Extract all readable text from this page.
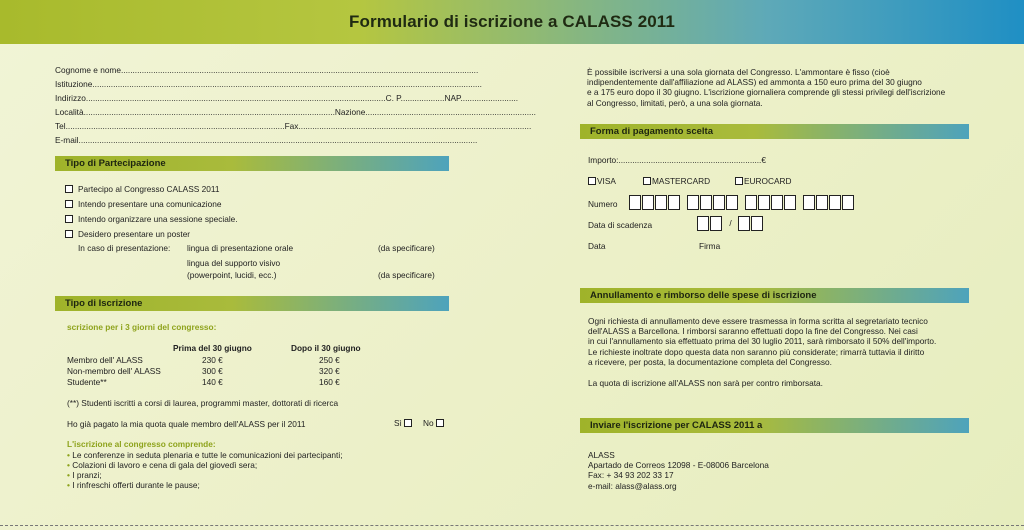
Formulario di iscrizione a CALASS 2011
Cognome e nome...........................................................................................................................................................
Istituzione.........................................................................................................................................................................
Indirizzo..................................................................................................................................C. P...................NAP.........................
Località.............................................................................................................Nazione..........................................................................
Tel...............................................................................................Fax.....................................................................................................
E-mail.............................................................................................................................................................................
Tipo di Partecipazione
Partecipo al Congresso CALASS 2011
Intendo presentare una comunicazione
Intendo organizzare una sessione speciale.
Desidero presentare un poster
In caso di presentazione: lingua di presentazione orale	(da specificare)
lingua del supporto visivo
(powerpoint, lucidi, ecc.)	(da specificare)
Tipo di Iscrizione
scrizione per i 3 giorni del congresso:
Prima del 30 giugno	Dopo il 30 giugno
Membro dell' ALASS	230 €	250 €
Non-membro dell' ALASS	300 €	320 €
Studente**	140 €	160 €
(**) Studenti iscritti a corsi di laurea, programmi master, dottorati di ricerca
Ho già pagato la mia quota quale membro dell'ALASS per il 2011	Sì	No
L'iscrizione al congresso comprende:
• Le conferenze in seduta plenaria e tutte le comunicazioni dei partecipanti;
• Colazioni di lavoro e cena di gala del giovedì sera;
• I pranzi;
• I rinfreschi offerti durante le pause;
È possibile iscriversi a una sola giornata del Congresso. L'ammontare è fisso (cioè
indipendentemente dall'affiliazione ad ALASS) ed ammonta a 150 euro prima del 30 giugno
e a 175 euro dopo il 30 giugno. L'iscrizione giornaliera comprende gli stessi privilegi dell'iscrizione
al Congresso, limitati, però, a una sola giornata.
Forma di pagamento scelta
Importo:..............................................................€
VISA	MASTERCARD	EUROCARD
Numero
Data di scadenza	/
Data	Firma
Annullamento e rimborso delle spese di iscrizione
Ogni richiesta di annullamento deve essere trasmessa in forma scritta al segretariato tecnico
dell'ALASS a Barcellona. I rimborsi saranno effettuati dopo la fine del Congresso. Nei casi
in cui l'annullamento sia effettuato prima del 30 luglio 2011, sarà rimborsato il 50% dell'importo.
Le richieste inoltrate dopo questa data non saranno più considerate; rimarrà tuttavia il diritto
a ricevere, per posta, la documentazione completa del Congresso.
La quota di iscrizione all'ALASS non sarà per contro rimborsata.
Inviare l'iscrizione per CALASS 2011 a
ALASS
Apartado de Correos 12098 - E-08006 Barcelona
Fax: + 34 93 202 33 17
e-mail: alass@alass.org
